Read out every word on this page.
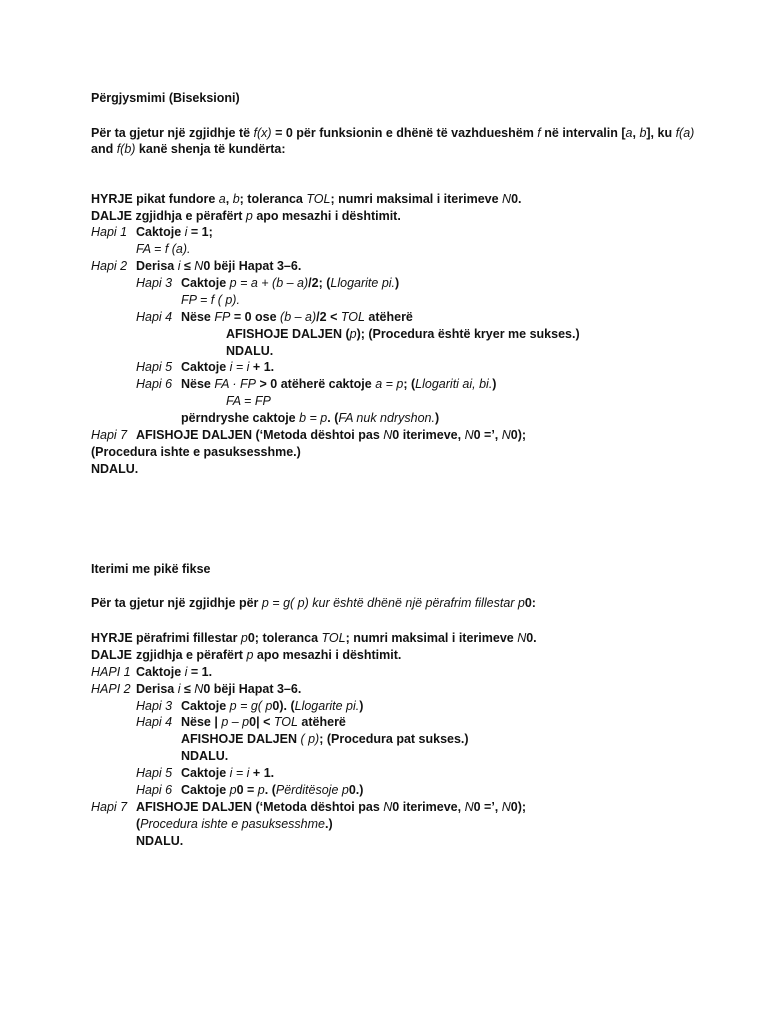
Përgjysmimi (Biseksioni)
Për ta gjetur një zgjidhje të f(x) = 0 për funksionin e dhënë të vazhdueshëm f në intervalin [a, b], ku f(a)
and f(b) kanë shenja të kundërta:
HYRJE pikat fundore a, b; toleranca TOL; numri maksimal i iterimeve N0.
DALJE zgjidhja e përafërt p apo mesazhi i dështimit.
Hapi 1 Caktoje i = 1;
FA = f (a).
Hapi 2 Derisa i ≤ N0 bëji Hapat 3–6.
Hapi 3 Caktoje p = a + (b – a)/2; (Llogarite pi.)
FP = f ( p).
Hapi 4 Nëse FP = 0 ose (b – a)/2 < TOL atëherë
AFISHOJE DALJEN (p); (Procedura është kryer me sukses.)
NDALU.
Hapi 5 Caktoje i = i + 1.
Hapi 6 Nëse FA · FP > 0 atëherë caktoje a = p; (Llogariti ai, bi.)
FA = FP
përndryshe caktoje b = p. (FA nuk ndryshon.)
Hapi 7 AFISHOJE DALJEN (‘Metoda dështoi pas N0 iterimeve, N0 =’, N0);
(Procedura ishte e pasuksesshme.)
NDALU.
Iterimi me pikë fikse
Për ta gjetur një zgjidhje për p = g( p) kur është dhënë një përafrim fillestar p0:
HYRJE përafrimi fillestar p0; toleranca TOL; numri maksimal i iterimeve N0.
DALJE zgjidhja e përafërt p apo mesazhi i dështimit.
HAPI 1 Caktoje i = 1.
HAPI 2 Derisa i ≤ N0 bëji Hapat 3–6.
Hapi 3 Caktoje p = g( p0). (Llogarite pi.)
Hapi 4 Nëse | p – p0| < TOL atëherë
AFISHOJE DALJEN ( p); (Procedura pat sukses.)
NDALU.
Hapi 5 Caktoje i = i + 1.
Hapi 6 Caktoje p0 = p. (Përditësoje p0.)
Hapi 7 AFISHOJE DALJEN (‘Metoda dështoi pas N0 iterimeve, N0 =’, N0);
(Procedura ishte e pasuksesshme.)
NDALU.
